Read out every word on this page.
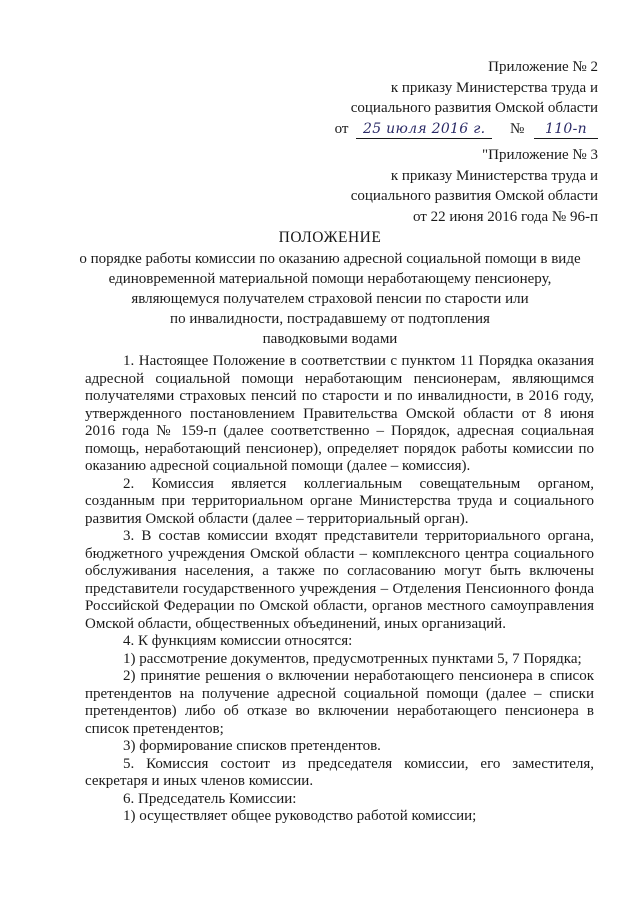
Приложение № 2
к приказу Министерства труда и
социального развития Омской области
от 25 июля 2016 г. № 110-п
"Приложение № 3
к приказу Министерства труда и
социального развития Омской области
от 22 июня 2016 года № 96-п
ПОЛОЖЕНИЕ
о порядке работы комиссии по оказанию адресной социальной помощи в виде
единовременной материальной помощи неработающему пенсионеру,
являющемуся получателем страховой пенсии по старости или
по инвалидности, пострадавшему от подтопления
паводковыми водами

1. Настоящее Положение в соответствии с пунктом 11 Порядка оказания адресной социальной помощи неработающим пенсионерам, являющимся получателями страховых пенсий по старости и по инвалидности, в 2016 году, утвержденного постановлением Правительства Омской области от 8 июня 2016 года № 159-п (далее соответственно – Порядок, адресная социальная помощь, неработающий пенсионер), определяет порядок работы комиссии по оказанию адресной социальной помощи (далее – комиссия).

2. Комиссия является коллегиальным совещательным органом, созданным при территориальном органе Министерства труда и социального развития Омской области (далее – территориальный орган).

3. В состав комиссии входят представители территориального органа, бюджетного учреждения Омской области – комплексного центра социального обслуживания населения, а также по согласованию могут быть включены представители государственного учреждения – Отделения Пенсионного фонда Российской Федерации по Омской области, органов местного самоуправления Омской области, общественных объединений, иных организаций.

4. К функциям комиссии относятся:

1) рассмотрение документов, предусмотренных пунктами 5, 7 Порядка;

2) принятие решения о включении неработающего пенсионера в список претендентов на получение адресной социальной помощи (далее – списки претендентов) либо об отказе во включении неработающего пенсионера в список претендентов;

3) формирование списков претендентов.

5. Комиссия состоит из председателя комиссии, его заместителя, секретаря и иных членов комиссии.

6. Председатель Комиссии:

1) осуществляет общее руководство работой комиссии;
